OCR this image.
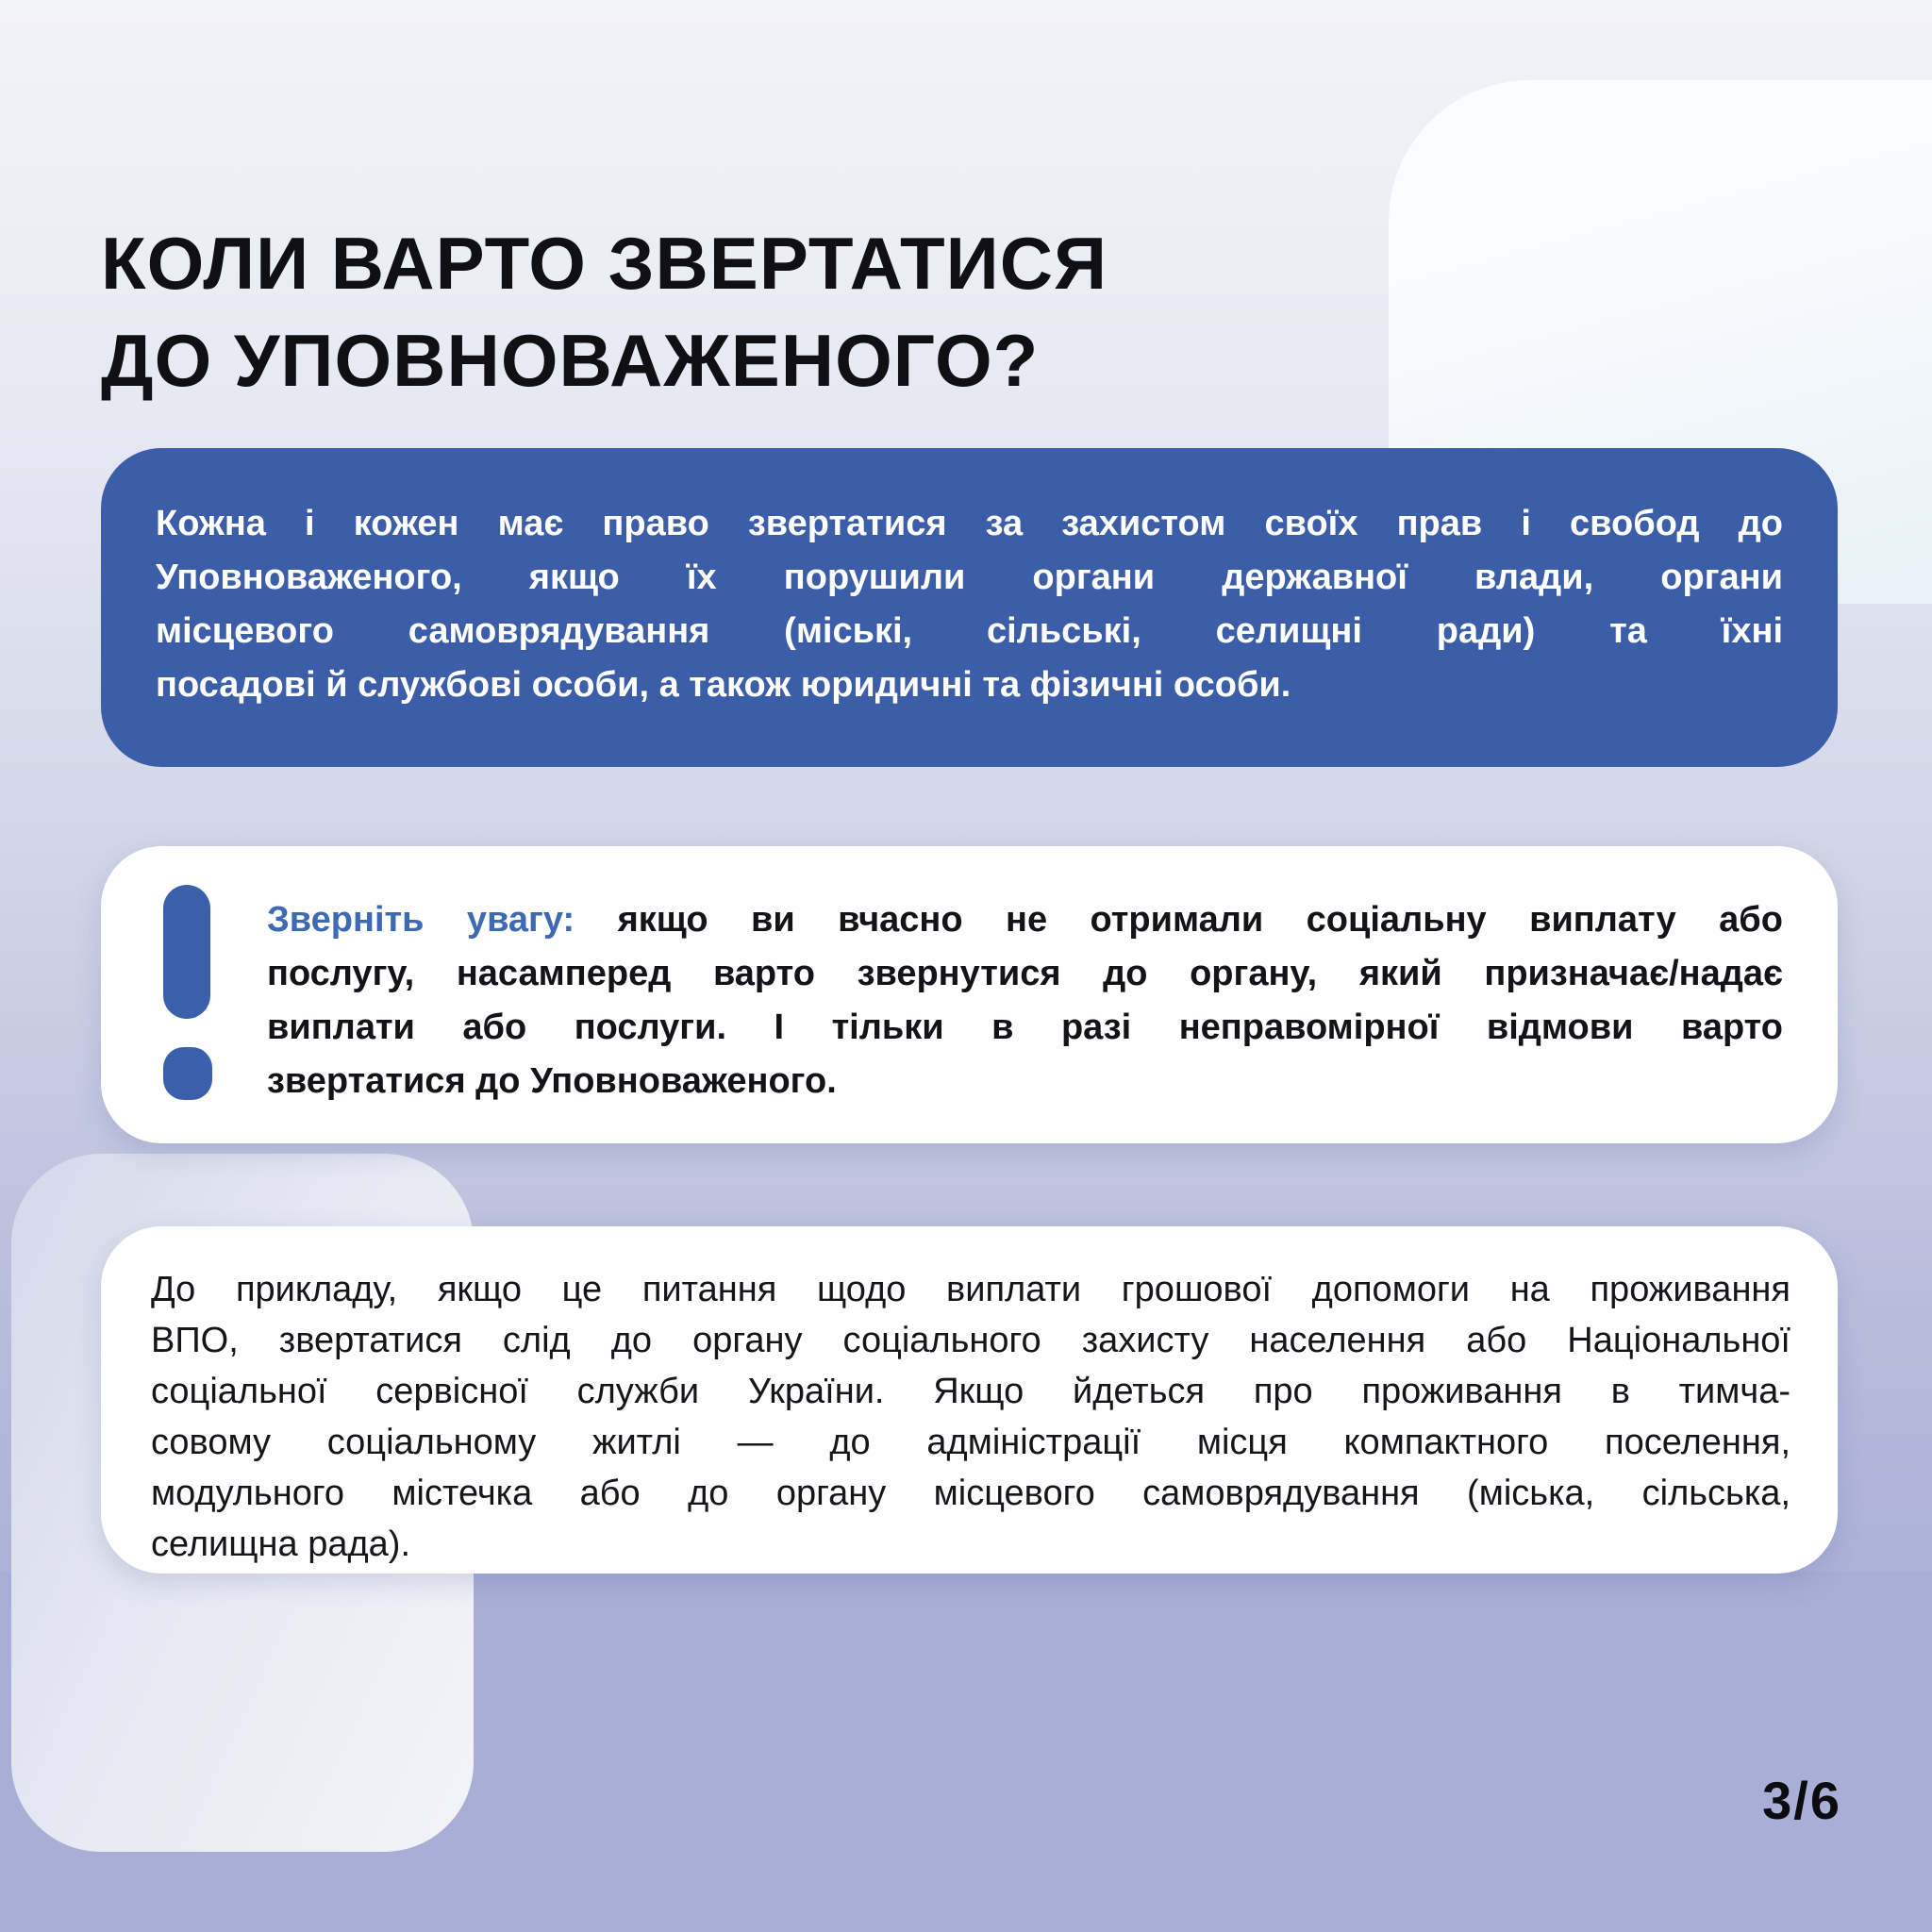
КОЛИ ВАРТО ЗВЕРТАТИСЯ
ДО УПОВНОВАЖЕНОГО?
Кожна і кожен має право звертатися за захистом своїх прав і свобод до
Уповноваженого, якщо їх порушили органи державної влади, органи
місцевого самоврядування (міські, сільські, селищні ради) та їхні
посадові й службові особи, а також юридичні та фізичні особи.
Зверніть увагу: якщо ви вчасно не отримали соціальну виплату або
послугу, насамперед варто звернутися до органу, який призначає/надає
виплати або послуги. І тільки в разі неправомірної відмови варто
звертатися до Уповноваженого.
До прикладу, якщо це питання щодо виплати грошової допомоги на проживання
ВПО, звертатися слід до органу соціального захисту населення або Національної
соціальної сервісної служби України. Якщо йдеться про проживання в тимча-
совому соціальному житлі — до адміністрації місця компактного поселення,
модульного містечка або до органу місцевого самоврядування (міська, сільська,
селищна рада).
3/6
